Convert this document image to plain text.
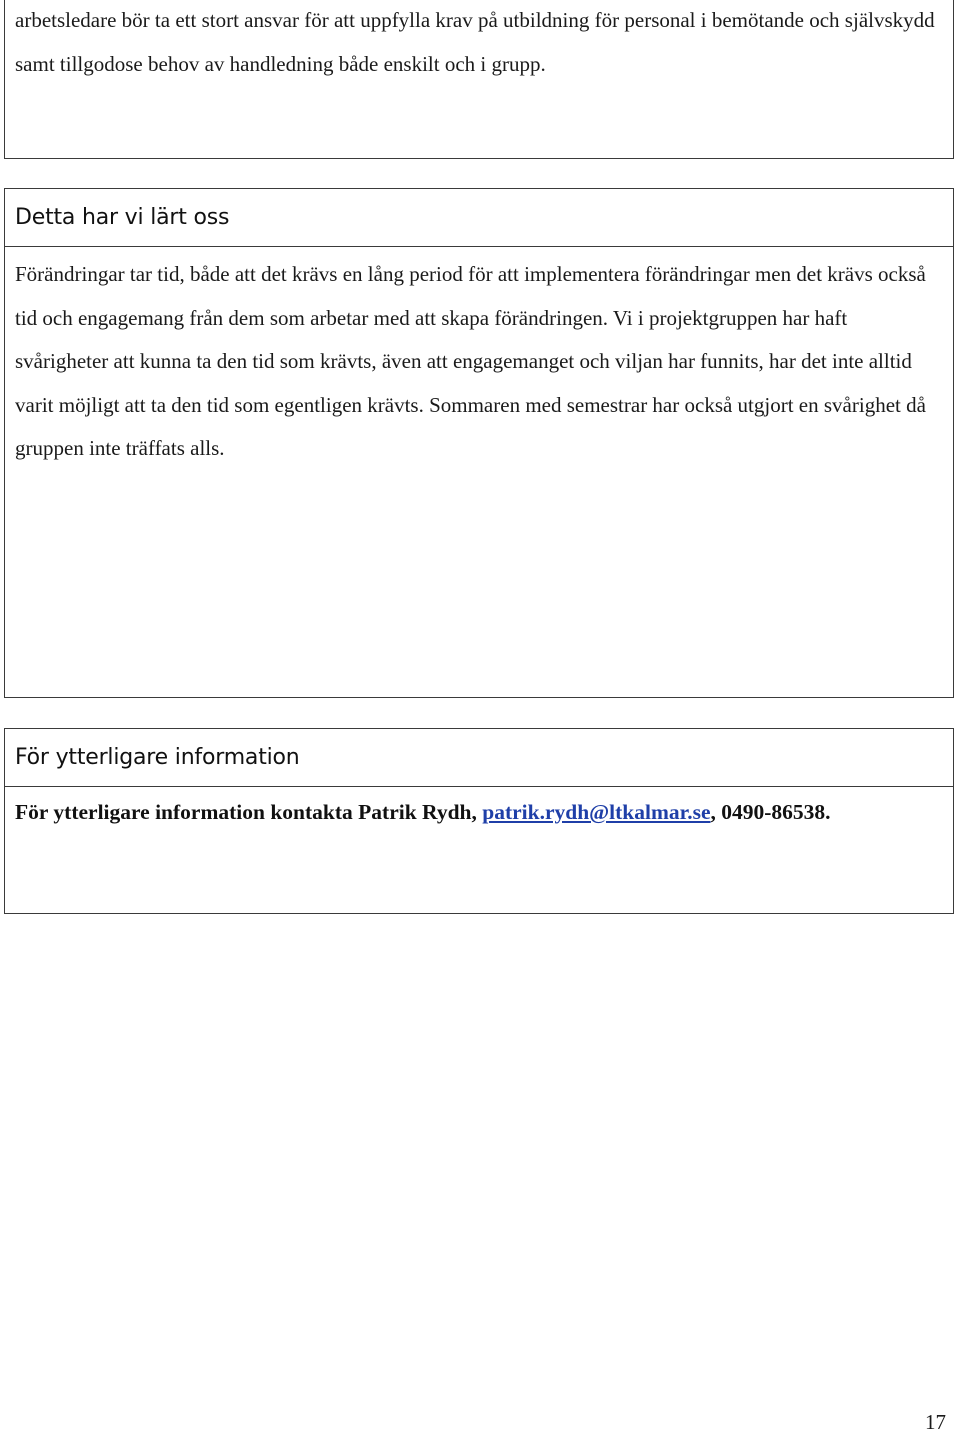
arbetsledare bör ta ett stort ansvar för att uppfylla krav på utbildning för personal i bemötande och självskydd samt tillgodose behov av handledning både enskilt och i grupp.

Detta har vi lärt oss

Förändringar tar tid, både att det krävs en lång period för att implementera förändringar men det krävs också tid och engagemang från dem som arbetar med att skapa förändringen. Vi i projektgruppen har haft svårigheter att kunna ta den tid som krävts, även att engagemanget och viljan har funnits, har det inte alltid varit möjligt att ta den tid som egentligen krävts. Sommaren med semestrar har också utgjort en svårighet då gruppen inte träffats alls.

För ytterligare information

För ytterligare information kontakta Patrik Rydh, patrik.rydh@ltkalmar.se, 0490-86538.

17
